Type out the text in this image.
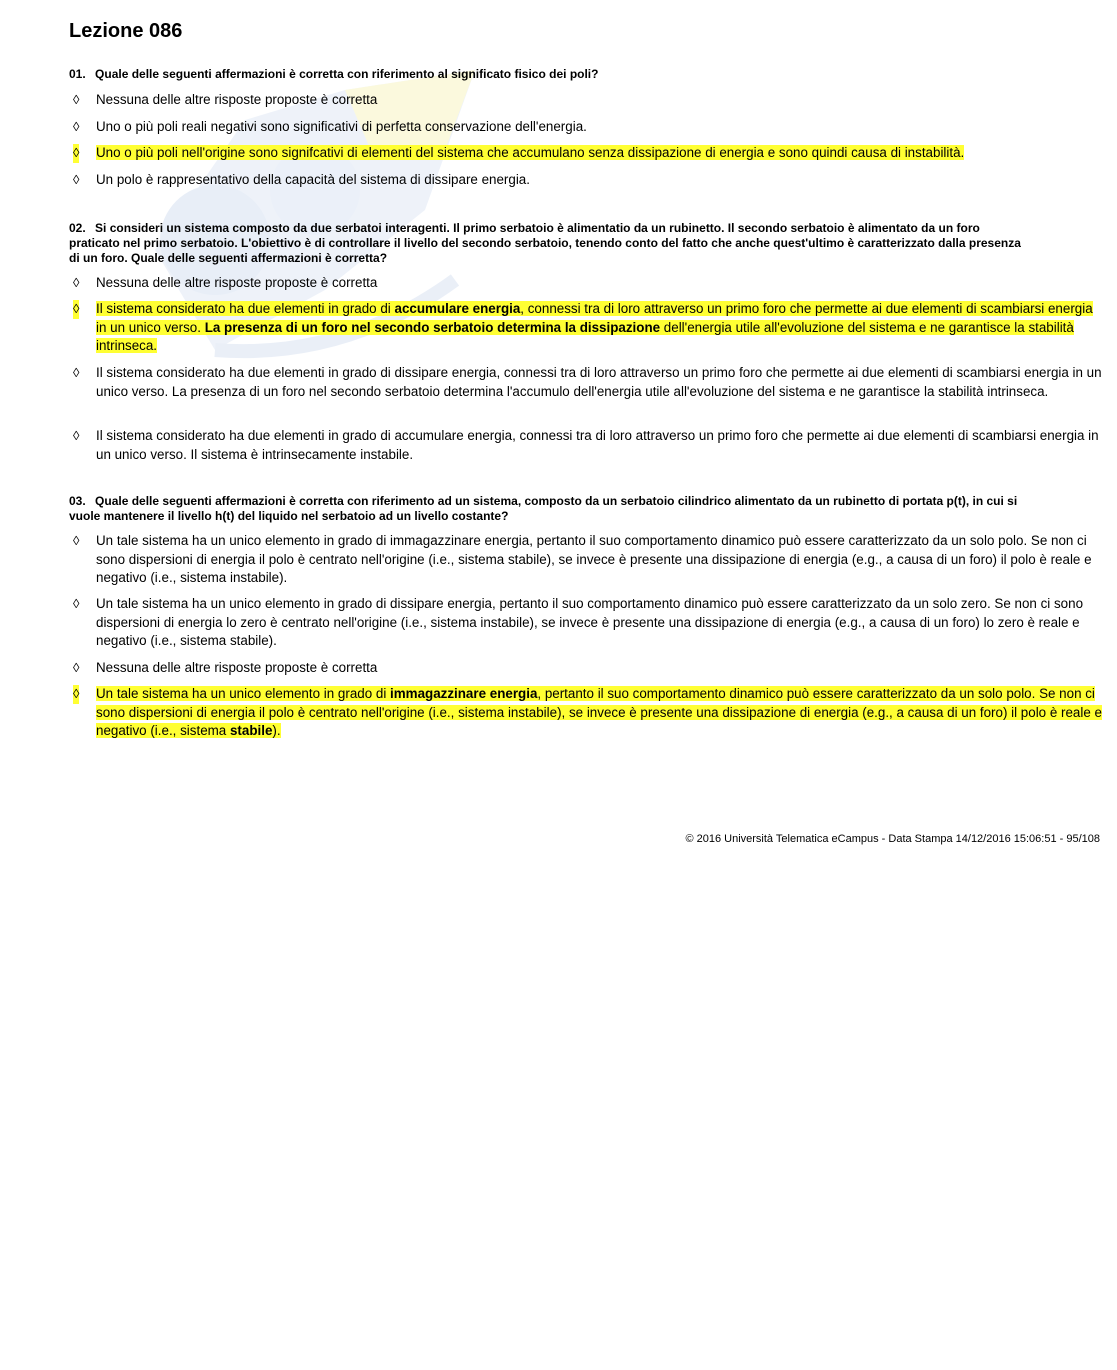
Lezione 086

01. Quale delle seguenti affermazioni è corretta con riferimento al significato fisico dei poli?

◊ Nessuna delle altre risposte proposte è corretta
◊ Uno o più poli reali negativi sono significativi di perfetta conservazione dell'energia.
◊ Uno o più poli nell'origine sono signifcativi di elementi del sistema che accumulano senza dissipazione di energia e sono quindi causa di instabilità.
◊ Un polo è rappresentativo della capacità del sistema di dissipare energia.

02. Si consideri un sistema composto da due serbatoi interagenti. Il primo serbatoio è alimentatio da un rubinetto. Il secondo serbatoio è alimentato da un foro praticato nel primo serbatoio. L'obiettivo è di controllare il livello del secondo serbatoio, tenendo conto del fatto che anche quest'ultimo è caratterizzato dalla presenza di un foro. Quale delle seguenti affermazioni è corretta?

◊ Nessuna delle altre risposte proposte è corretta
◊ Il sistema considerato ha due elementi in grado di accumulare energia, connessi tra di loro attraverso un primo foro che permette ai due elementi di scambiarsi energia in un unico verso. La presenza di un foro nel secondo serbatoio determina la dissipazione dell'energia utile all'evoluzione del sistema e ne garantisce la stabilità intrinseca.
◊ Il sistema considerato ha due elementi in grado di dissipare energia, connessi tra di loro attraverso un primo foro che permette ai due elementi di scambiarsi energia in un unico verso. La presenza di un foro nel secondo serbatoio determina l'accumulo dell'energia utile all'evoluzione del sistema e ne garantisce la stabilità intrinseca.
◊ Il sistema considerato ha due elementi in grado di accumulare energia, connessi tra di loro attraverso un primo foro che permette ai due elementi di scambiarsi energia in un unico verso. Il sistema è intrinsecamente instabile.

03. Quale delle seguenti affermazioni è corretta con riferimento ad un sistema, composto da un serbatoio cilindrico alimentato da un rubinetto di portata p(t), in cui si vuole mantenere il livello h(t) del liquido nel serbatoio ad un livello costante?

◊ Un tale sistema ha un unico elemento in grado di immagazzinare energia, pertanto il suo comportamento dinamico può essere caratterizzato da un solo polo. Se non ci sono dispersioni di energia il polo è centrato nell'origine (i.e., sistema stabile), se invece è presente una dissipazione di energia (e.g., a causa di un foro) il polo è reale e negativo (i.e., sistema instabile).
◊ Un tale sistema ha un unico elemento in grado di dissipare energia, pertanto il suo comportamento dinamico può essere caratterizzato da un solo zero. Se non ci sono dispersioni di energia lo zero è centrato nell'origine (i.e., sistema instabile), se invece è presente una dissipazione di energia (e.g., a causa di un foro) lo zero è reale e negativo (i.e., sistema stabile).
◊ Nessuna delle altre risposte proposte è corretta
◊ Un tale sistema ha un unico elemento in grado di immagazzinare energia, pertanto il suo comportamento dinamico può essere caratterizzato da un solo polo. Se non ci sono dispersioni di energia il polo è centrato nell'origine (i.e., sistema instabile), se invece è presente una dissipazione di energia (e.g., a causa di un foro) il polo è reale e negativo (i.e., sistema stabile).
© 2016 Università Telematica eCampus - Data Stampa 14/12/2016 15:06:51 - 95/108
